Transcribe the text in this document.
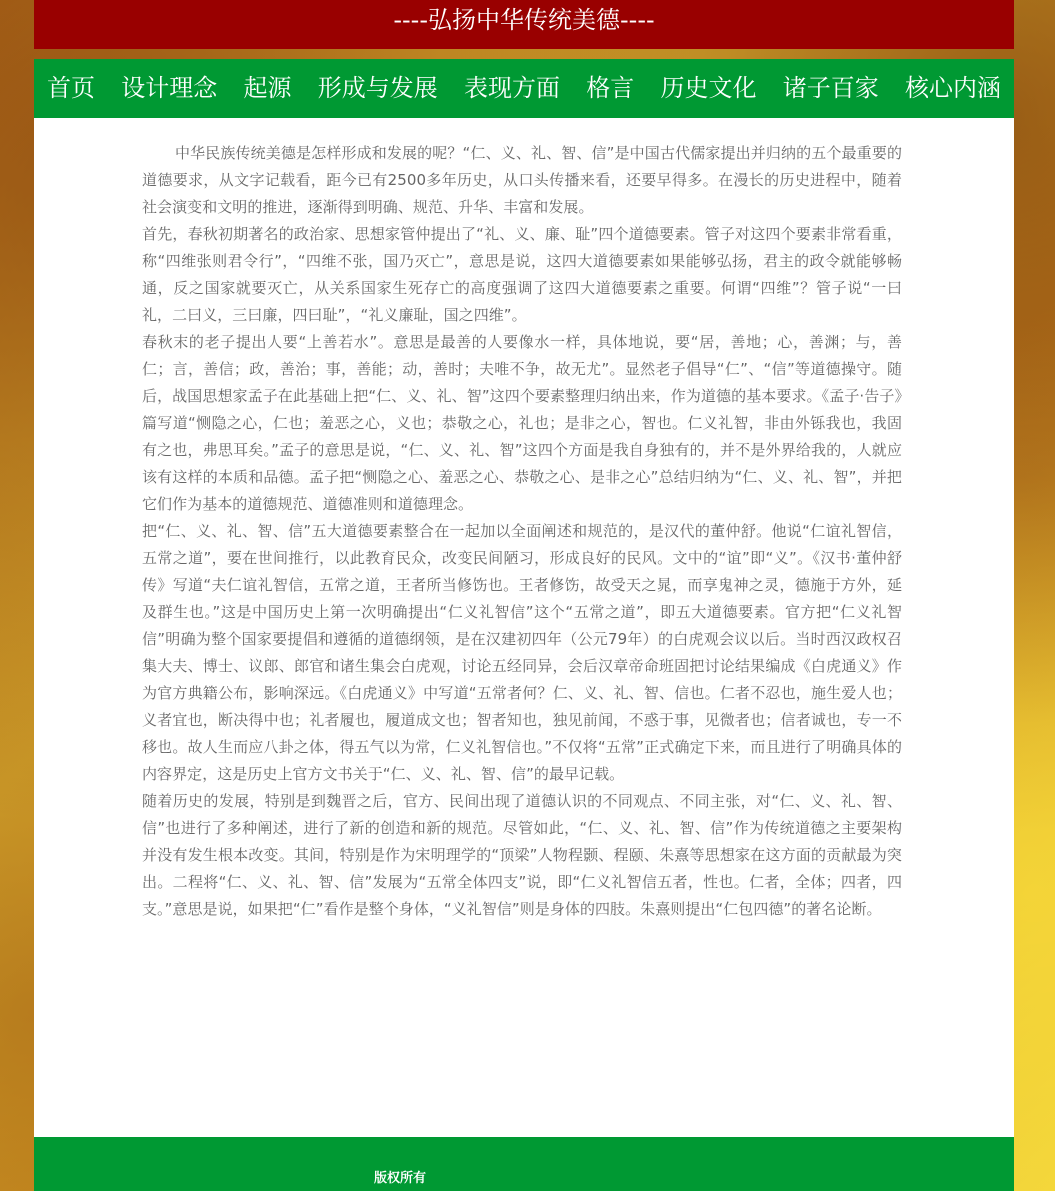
----弘扬中华传统美德----
首页 设计理念 起源 形成与发展 表现方面 格言 历史文化 诸子百家 核心内涵

中华民族传统美德是怎样形成和发展的呢？“仁、义、礼、智、信”是中国古代儒家提出并归纳的五个最重要的道德要求，从文字记载看，距今已有2500多年历史，从口头传播来看，还要早得多。在漫长的历史进程中，随着社会演变和文明的推进，逐渐得到明确、规范、升华、丰富和发展。

首先，春秋初期著名的政治家、思想家管仲提出了“礼、义、廉、耻”四个道德要素。管子对这四个要素非常看重，称“四维张则君令行”，“四维不张，国乃灭亡”，意思是说，这四大道德要素如果能够弘扬，君主的政令就能够畅通，反之国家就要灭亡，从关系国家生死存亡的高度强调了这四大道德要素之重要。何谓“四维”？管子说“一曰礼，二曰义，三曰廉，四曰耻”，“礼义廉耻，国之四维”。

春秋末的老子提出人要“上善若水”。意思是最善的人要像水一样，具体地说，要“居，善地；心，善渊；与，善仁；言，善信；政，善治；事，善能；动，善时；夫唯不争，故无尤”。显然老子倡导“仁”、“信”等道德操守。随后，战国思想家孟子在此基础上把“仁、义、礼、智”这四个要素整理归纳出来，作为道德的基本要求。《孟子·告子》篇写道“恻隐之心，仁也；羞恶之心，义也；恭敬之心，礼也；是非之心，智也。仁义礼智，非由外铄我也，我固有之也，弗思耳矣。”孟子的意思是说，“仁、义、礼、智”这四个方面是我自身独有的，并不是外界给我的，人就应该有这样的本质和品德。孟子把“恻隐之心、羞恶之心、恭敬之心、是非之心”总结归纳为“仁、义、礼、智”，并把它们作为基本的道德规范、道德准则和道德理念。

把“仁、义、礼、智、信”五大道德要素整合在一起加以全面阐述和规范的，是汉代的董仲舒。他说“仁谊礼智信，五常之道”，要在世间推行，以此教育民众，改变民间陋习，形成良好的民风。文中的“谊”即“义”。《汉书·董仲舒传》写道“夫仁谊礼智信，五常之道，王者所当修饬也。王者修饬，故受天之晁，而享鬼神之灵，德施于方外，延及群生也。”这是中国历史上第一次明确提出“仁义礼智信”这个“五常之道”，即五大道德要素。官方把“仁义礼智信”明确为整个国家要提倡和遵循的道德纲领，是在汉建初四年（公元79年）的白虎观会议以后。当时西汉政权召集大夫、博士、议郎、郎官和诸生集会白虎观，讨论五经同异，会后汉章帝命班固把讨论结果编成《白虎通义》作为官方典籍公布，影响深远。《白虎通义》中写道“五常者何？仁、义、礼、智、信也。仁者不忍也，施生爱人也；义者宜也，断决得中也；礼者履也，履道成文也；智者知也，独见前闻，不惑于事，见微者也；信者诚也，专一不移也。故人生而应八卦之体，得五气以为常，仁义礼智信也。”不仅将“五常”正式确定下来，而且进行了明确具体的内容界定，这是历史上官方文书关于“仁、义、礼、智、信”的最早记载。

随着历史的发展，特别是到魏晋之后，官方、民间出现了道德认识的不同观点、不同主张，对“仁、义、礼、智、信”也进行了多种阐述，进行了新的创造和新的规范。尽管如此，“仁、义、礼、智、信”作为传统道德之主要架构并没有发生根本改变。其间，特别是作为宋明理学的“顶梁”人物程颢、程颐、朱熹等思想家在这方面的贡献最为突出。二程将“仁、义、礼、智、信”发展为“五常全体四支”说，即“仁义礼智信五者，性也。仁者，全体；四者，四支。”意思是说，如果把“仁”看作是整个身体，“义礼智信”则是身体的四肢。朱熹则提出“仁包四德”的著名论断。

版权所有
